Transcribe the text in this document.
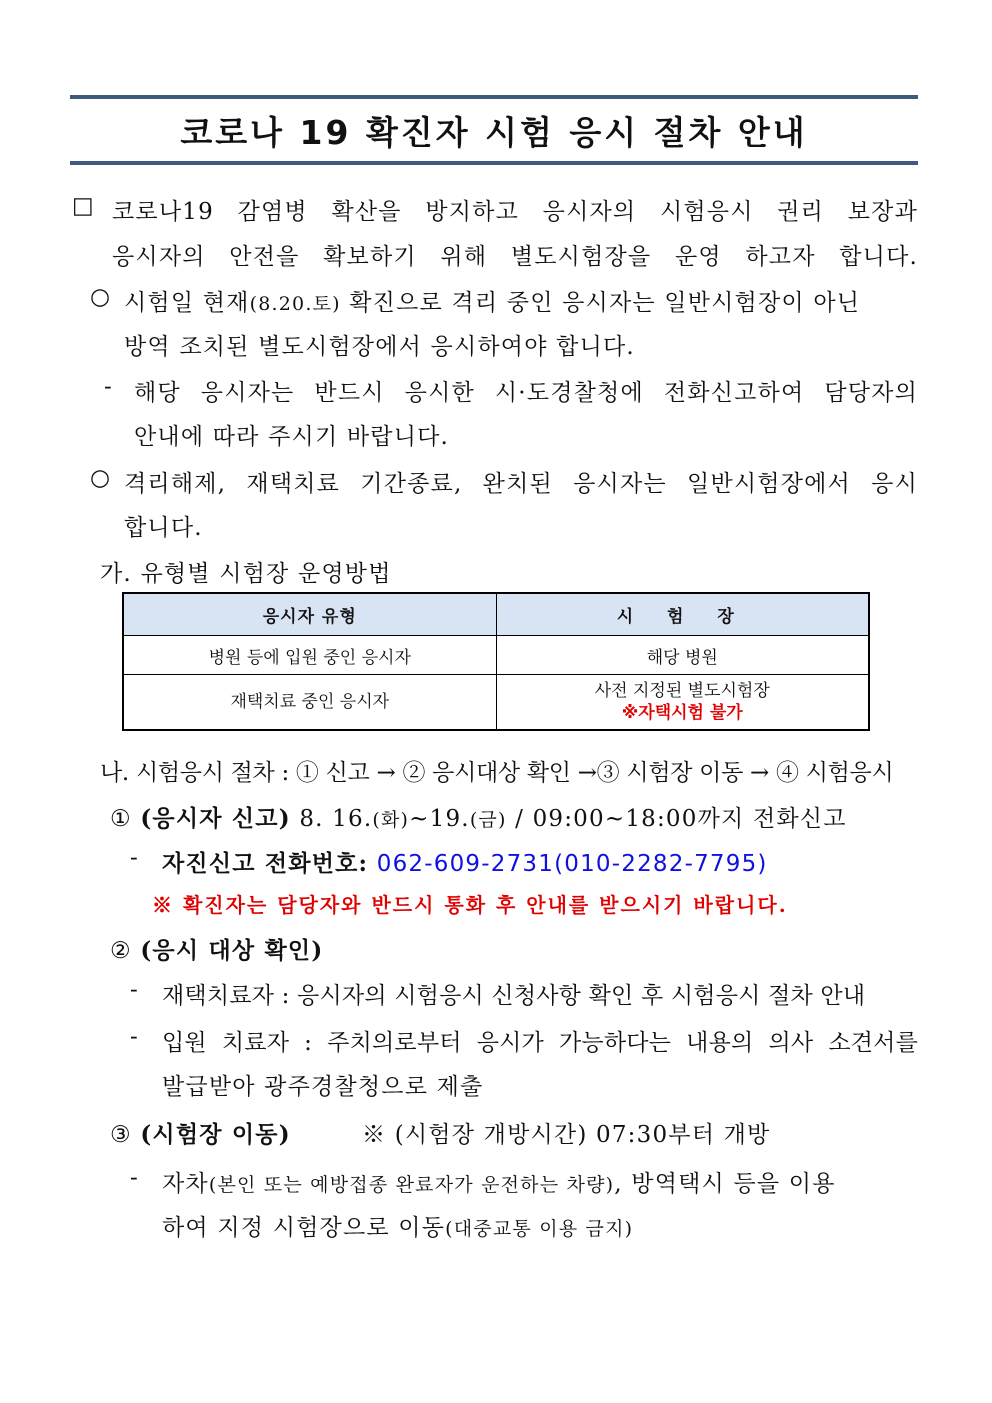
코로나 19 확진자 시험 응시 절차 안내
□ 코로나19 감염병 확산을 방지하고 응시자의 시험응시 권리 보장과
응시자의 안전을 확보하기 위해 별도시험장을 운영 하고자 합니다.
○ 시험일 현재(8.20.토) 확진으로 격리 중인 응시자는 일반시험장이 아닌
방역 조치된 별도시험장에서 응시하여야 합니다.
- 해당 응시자는 반드시 응시한 시·도경찰청에 전화신고하여 담당자의
안내에 따라 주시기 바랍니다.
○ 격리해제, 재택치료 기간종료, 완치된 응시자는 일반시험장에서 응시
합니다.
가. 유형별 시험장 운영방법
응시자 유형	시 험 장
병원 등에 입원 중인 응시자	해당 병원
재택치료 중인 응시자	사전 지정된 별도시험장
※자택시험 불가
나. 시험응시 절차 : ① 신고 → ② 응시대상 확인 →③ 시험장 이동 → ④ 시험응시
① (응시자 신고) 8. 16.(화)~19.(금) / 09:00~18:00까지 전화신고
- 자진신고 전화번호: 062-609-2731(010-2282-7795)
※ 확진자는 담당자와 반드시 통화 후 안내를 받으시기 바랍니다.
② (응시 대상 확인)
- 재택치료자 : 응시자의 시험응시 신청사항 확인 후 시험응시 절차 안내
- 입원 치료자 : 주치의로부터 응시가 가능하다는 내용의 의사 소견서를
발급받아 광주경찰청으로 제출
③ (시험장 이동)	※ (시험장 개방시간) 07:30부터 개방
- 자차(본인 또는 예방접종 완료자가 운전하는 차량), 방역택시 등을 이용
하여 지정 시험장으로 이동(대중교통 이용 금지)
